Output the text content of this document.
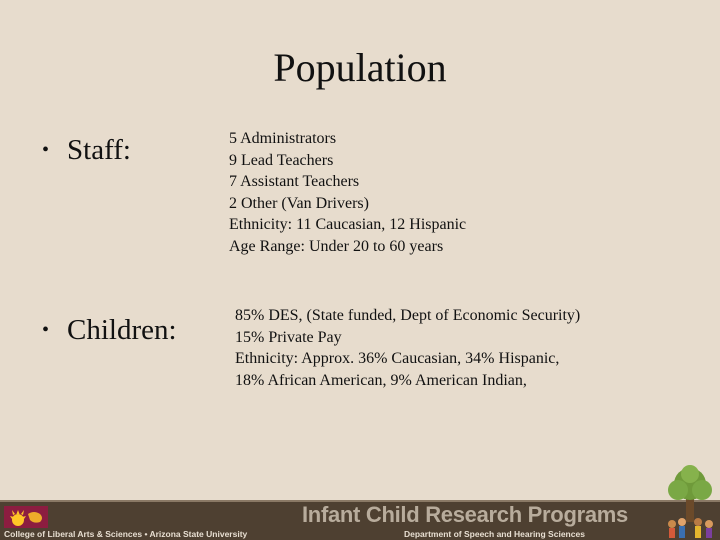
Population
• Staff:	5 Administrators
9 Lead Teachers
7 Assistant Teachers
2 Other (Van Drivers)
Ethnicity: 11 Caucasian, 12 Hispanic
Age Range: Under 20 to 60 years
• Children:	85% DES, (State funded, Dept of Economic Security)
15% Private Pay
Ethnicity: Approx. 36% Caucasian, 34% Hispanic,
18% African American, 9% American Indian,
Infant Child Research Programs
College of Liberal Arts & Sciences • Arizona State University	Department of Speech and Hearing Sciences
